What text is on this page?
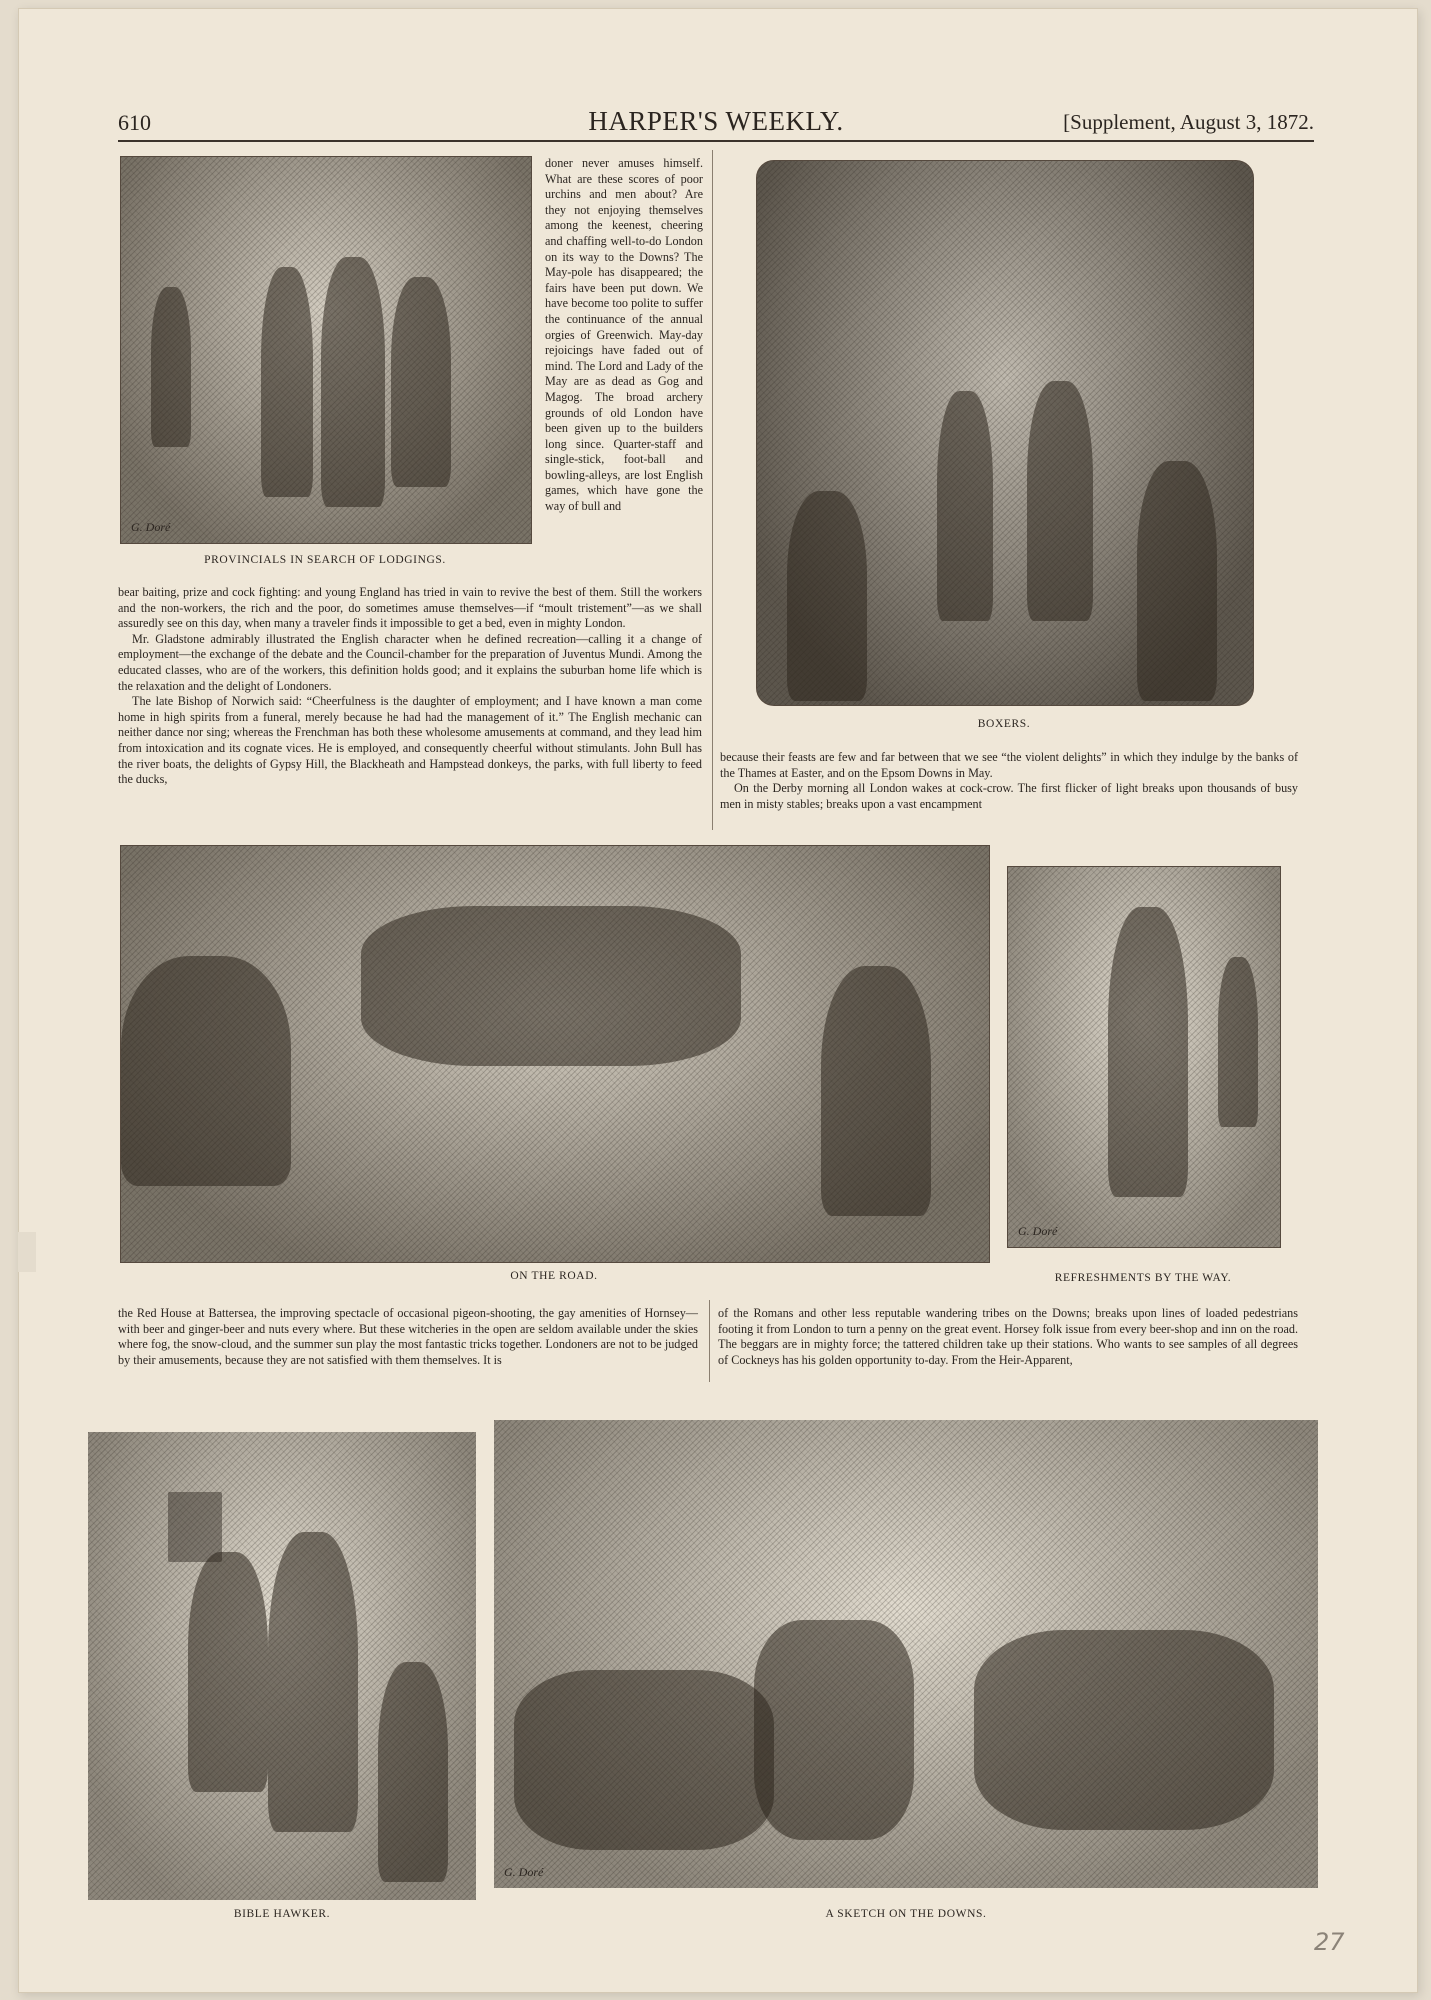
610	HARPER'S WEEKLY.	[Supplement, August 3, 1872.
G. Doré
PROVINCIALS IN SEARCH OF LODGINGS.

doner never amuses himself. What are these scores of poor urchins and men about? Are they not enjoying themselves among the keenest, cheering and chaffing well-to-do London on its way to the Downs? The May-pole has disappeared; the fairs have been put down. We have become too polite to suffer the continuance of the annual orgies of Greenwich. May-day rejoicings have faded out of mind. The Lord and Lady of the May are as dead as Gog and Magog. The broad archery grounds of old London have been given up to the builders long since. Quarter-staff and single-stick, foot-ball and bowling-alleys, are lost English games, which have gone the way of bull and

bear baiting, prize and cock fighting: and young England has tried in vain to revive the best of them. Still the workers and the non-workers, the rich and the poor, do sometimes amuse themselves—if “moult tristement”—as we shall assuredly see on this day, when many a traveler finds it impossible to get a bed, even in mighty London.

Mr. Gladstone admirably illustrated the English character when he defined recreation—calling it a change of employment—the exchange of the debate and the Council-chamber for the preparation of Juventus Mundi. Among the educated classes, who are of the workers, this definition holds good; and it explains the suburban home life which is the relaxation and the delight of Londoners.

The late Bishop of Norwich said: “Cheerfulness is the daughter of employment; and I have known a man come home in high spirits from a funeral, merely because he had had the management of it.” The English mechanic can neither dance nor sing; whereas the Frenchman has both these wholesome amusements at command, and they lead him from intoxication and its cognate vices. He is employed, and consequently cheerful without stimulants. John Bull has the river boats, the delights of Gypsy Hill, the Blackheath and Hampstead donkeys, the parks, with full liberty to feed the ducks,

BOXERS.

because their feasts are few and far between that we see “the violent delights” in which they indulge by the banks of the Thames at Easter, and on the Epsom Downs in May.

On the Derby morning all London wakes at cock-crow. The first flicker of light breaks upon thousands of busy men in misty stables; breaks upon a vast encampment

ON THE ROAD.
G. Doré
REFRESHMENTS BY THE WAY.

the Red House at Battersea, the improving spectacle of occasional pigeon-shooting, the gay amenities of Hornsey—with beer and ginger-beer and nuts every where. But these witcheries in the open are seldom available under the skies where fog, the snow-cloud, and the summer sun play the most fantastic tricks together. Londoners are not to be judged by their amusements, because they are not satisfied with them themselves. It is

of the Romans and other less reputable wandering tribes on the Downs; breaks upon lines of loaded pedestrians footing it from London to turn a penny on the great event. Horsey folk issue from every beer-shop and inn on the road. The beggars are in mighty force; the tattered children take up their stations. Who wants to see samples of all degrees of Cockneys has his golden opportunity to-day. From the Heir-Apparent,

BIBLE HAWKER.
G. Doré
A SKETCH ON THE DOWNS.
27
